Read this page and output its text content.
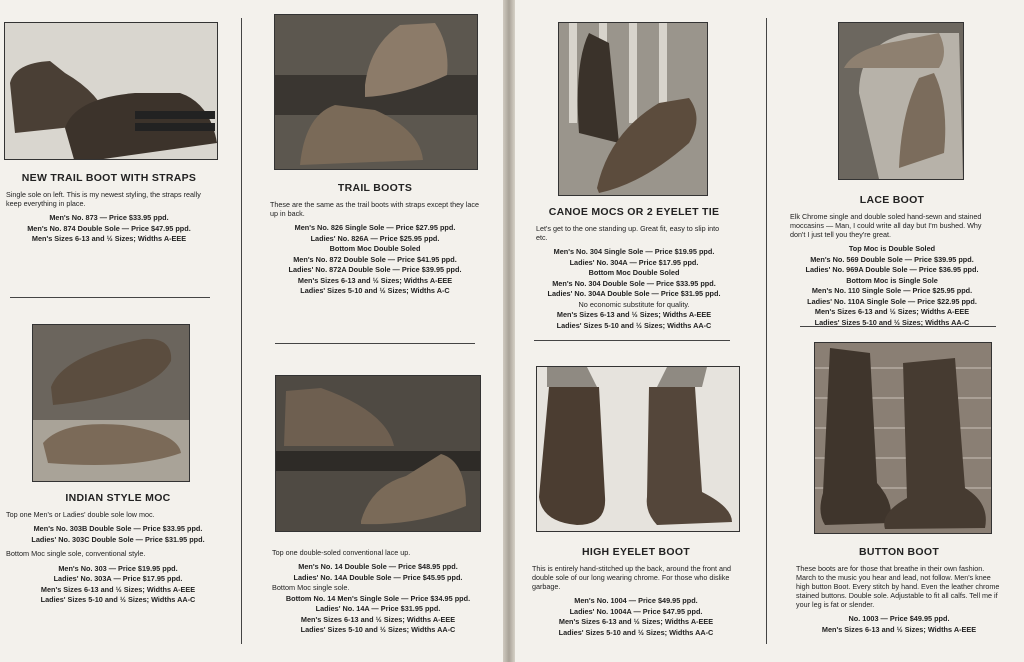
NEW TRAIL BOOT WITH STRAPS
Single sole on left. This is my newest styling, the straps really keep everything in place.
Men's No. 873 — Price $33.95 ppd.
Men's No. 874 Double Sole — Price $47.95 ppd.
Men's Sizes 6-13 and ½ Sizes; Widths A-EEE
INDIAN STYLE MOC
Top one Men's or Ladies' double sole low moc.
Men's No. 303B Double Sole — Price $33.95 ppd.
Ladies' No. 303C Double Sole — Price $31.95 ppd.
Bottom Moc single sole, conventional style.
Men's No. 303 — Price $19.95 ppd.
Ladies' No. 303A — Price $17.95 ppd.
Men's Sizes 6-13 and ½ Sizes; Widths A-EEE
Ladies' Sizes 5-10 and ½ Sizes; Widths AA-C
TRAIL BOOTS
These are the same as the trail boots with straps except they lace up in back.
Men's No. 826 Single Sole — Price $27.95 ppd.
Ladies' No. 826A — Price $25.95 ppd.
Bottom Moc Double Soled
Men's No. 872 Double Sole — Price $41.95 ppd.
Ladies' No. 872A Double Sole — Price $39.95 ppd.
Men's Sizes 6-13 and ½ Sizes; Widths A-EEE
Ladies' Sizes 5-10 and ½ Sizes; Widths A-C
Top one double-soled conventional lace up.
Men's No. 14 Double Sole — Price $48.95 ppd.
Ladies' No. 14A Double Sole — Price $45.95 ppd.
Bottom Moc single sole.
Bottom No. 14 Men's Single Sole — Price $34.95 ppd.
Ladies' No. 14A — Price $31.95 ppd.
Men's Sizes 6-13 and ½ Sizes; Widths A-EEE
Ladies' Sizes 5-10 and ½ Sizes; Widths AA-C
CANOE MOCS OR 2 EYELET TIE
Let's get to the one standing up. Great fit, easy to slip into etc.
Men's No. 304 Single Sole — Price $19.95 ppd.
Ladies' No. 304A — Price $17.95 ppd.
Bottom Moc Double Soled
Men's No. 304 Double Sole — Price $33.95 ppd.
Ladies' No. 304A Double Sole — Price $31.95 ppd.
No economic substitute for quality.
Men's Sizes 6-13 and ½ Sizes; Widths A-EEE
Ladies' Sizes 5-10 and ½ Sizes; Widths AA-C
HIGH EYELET BOOT
This is entirely hand-stitched up the back, around the front and double sole of our long wearing chrome. For those who dislike garbage.
Men's No. 1004 — Price $49.95 ppd.
Ladies' No. 1004A — Price $47.95 ppd.
Men's Sizes 6-13 and ½ Sizes; Widths A-EEE
Ladies' Sizes 5-10 and ½ Sizes; Widths AA-C
LACE BOOT
Elk Chrome single and double soled hand-sewn and stained moccasins — Man, I could write all day but I'm bushed. Why don't I just tell you they're great.
Top Moc is Double Soled
Men's No. 569 Double Sole — Price $39.95 ppd.
Ladies' No. 969A Double Sole — Price $36.95 ppd.
Bottom Moc is Single Sole
Men's No. 110 Single Sole — Price $25.95 ppd.
Ladies' No. 110A Single Sole — Price $22.95 ppd.
Men's Sizes 6-13 and ½ Sizes; Widths A-EEE
Ladies' Sizes 5-10 and ½ Sizes; Widths AA-C
BUTTON BOOT
These boots are for those that breathe in their own fashion. March to the music you hear and lead, not follow. Men's knee high button Boot. Every stitch by hand. Even the leather chrome stained buttons. Double sole. Adjustable to fit all calfs. Tell me if your leg is fat or slender.
No. 1003 — Price $49.95 ppd.
Men's Sizes 6-13 and ½ Sizes; Widths A-EEE
